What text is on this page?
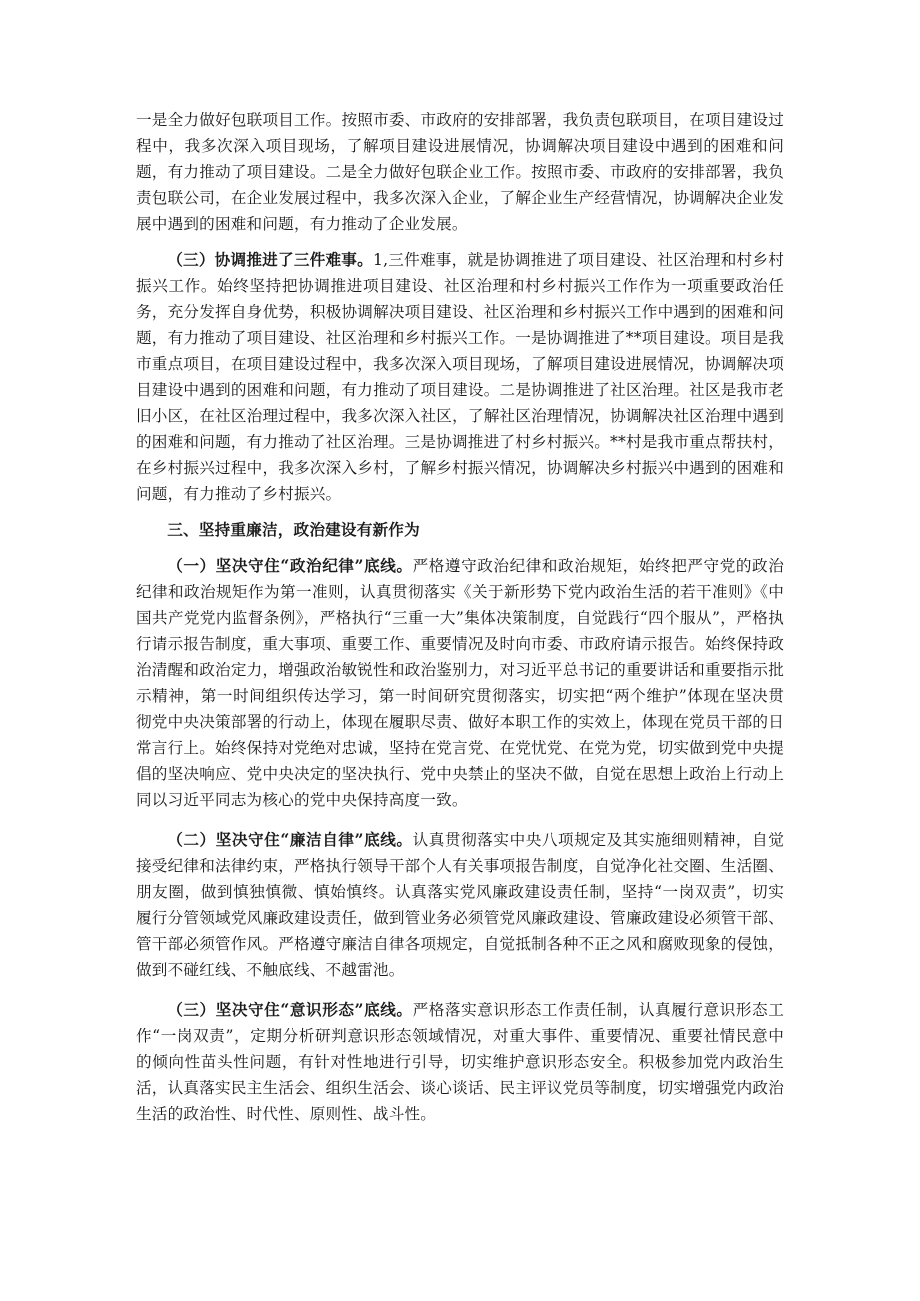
一是全力做好包联项目工作。按照市委、市政府的安排部署，我负责包联项目，在项目建设过程中，我多次深入项目现场，了解项目建设进展情况，协调解决项目建设中遇到的困难和问题，有力推动了项目建设。二是全力做好包联企业工作。按照市委、市政府的安排部署，我负责包联公司，在企业发展过程中，我多次深入企业，了解企业生产经营情况，协调解决企业发展中遇到的困难和问题，有力推动了企业发展。

（三）协调推进了三件难事。1,三件难事，就是协调推进了项目建设、社区治理和村乡村振兴工作。始终坚持把协调推进项目建设、社区治理和村乡村振兴工作作为一项重要政治任务，充分发挥自身优势，积极协调解决项目建设、社区治理和乡村振兴工作中遇到的困难和问题，有力推动了项目建设、社区治理和乡村振兴工作。一是协调推进了**项目建设。项目是我市重点项目，在项目建设过程中，我多次深入项目现场，了解项目建设进展情况，协调解决项目建设中遇到的困难和问题，有力推动了项目建设。二是协调推进了社区治理。社区是我市老旧小区，在社区治理过程中，我多次深入社区，了解社区治理情况，协调解决社区治理中遇到的困难和问题，有力推动了社区治理。三是协调推进了村乡村振兴。**村是我市重点帮扶村，在乡村振兴过程中，我多次深入乡村，了解乡村振兴情况，协调解决乡村振兴中遇到的困难和问题，有力推动了乡村振兴。

三、坚持重廉洁，政治建设有新作为

（一）坚决守住“政治纪律”底线。严格遵守政治纪律和政治规矩，始终把严守党的政治纪律和政治规矩作为第一准则，认真贯彻落实《关于新形势下党内政治生活的若干准则》《中国共产党党内监督条例》，严格执行“三重一大”集体决策制度，自觉践行“四个服从”，严格执行请示报告制度，重大事项、重要工作、重要情况及时向市委、市政府请示报告。始终保持政治清醒和政治定力，增强政治敏锐性和政治鉴别力，对习近平总书记的重要讲话和重要指示批示精神，第一时间组织传达学习，第一时间研究贯彻落实，切实把“两个维护”体现在坚决贯彻党中央决策部署的行动上，体现在履职尽责、做好本职工作的实效上，体现在党员干部的日常言行上。始终保持对党绝对忠诚，坚持在党言党、在党忧党、在党为党，切实做到党中央提倡的坚决响应、党中央决定的坚决执行、党中央禁止的坚决不做，自觉在思想上政治上行动上同以习近平同志为核心的党中央保持高度一致。

（二）坚决守住“廉洁自律”底线。认真贯彻落实中央八项规定及其实施细则精神，自觉接受纪律和法律约束，严格执行领导干部个人有关事项报告制度，自觉净化社交圈、生活圈、朋友圈，做到慎独慎微、慎始慎终。认真落实党风廉政建设责任制，坚持“一岗双责”，切实履行分管领域党风廉政建设责任，做到管业务必须管党风廉政建设、管廉政建设必须管干部、管干部必须管作风。严格遵守廉洁自律各项规定，自觉抵制各种不正之风和腐败现象的侵蚀，做到不碰红线、不触底线、不越雷池。

（三）坚决守住“意识形态”底线。严格落实意识形态工作责任制，认真履行意识形态工作“一岗双责”，定期分析研判意识形态领域情况，对重大事件、重要情况、重要社情民意中的倾向性苗头性问题，有针对性地进行引导，切实维护意识形态安全。积极参加党内政治生活，认真落实民主生活会、组织生活会、谈心谈话、民主评议党员等制度，切实增强党内政治生活的政治性、时代性、原则性、战斗性。
